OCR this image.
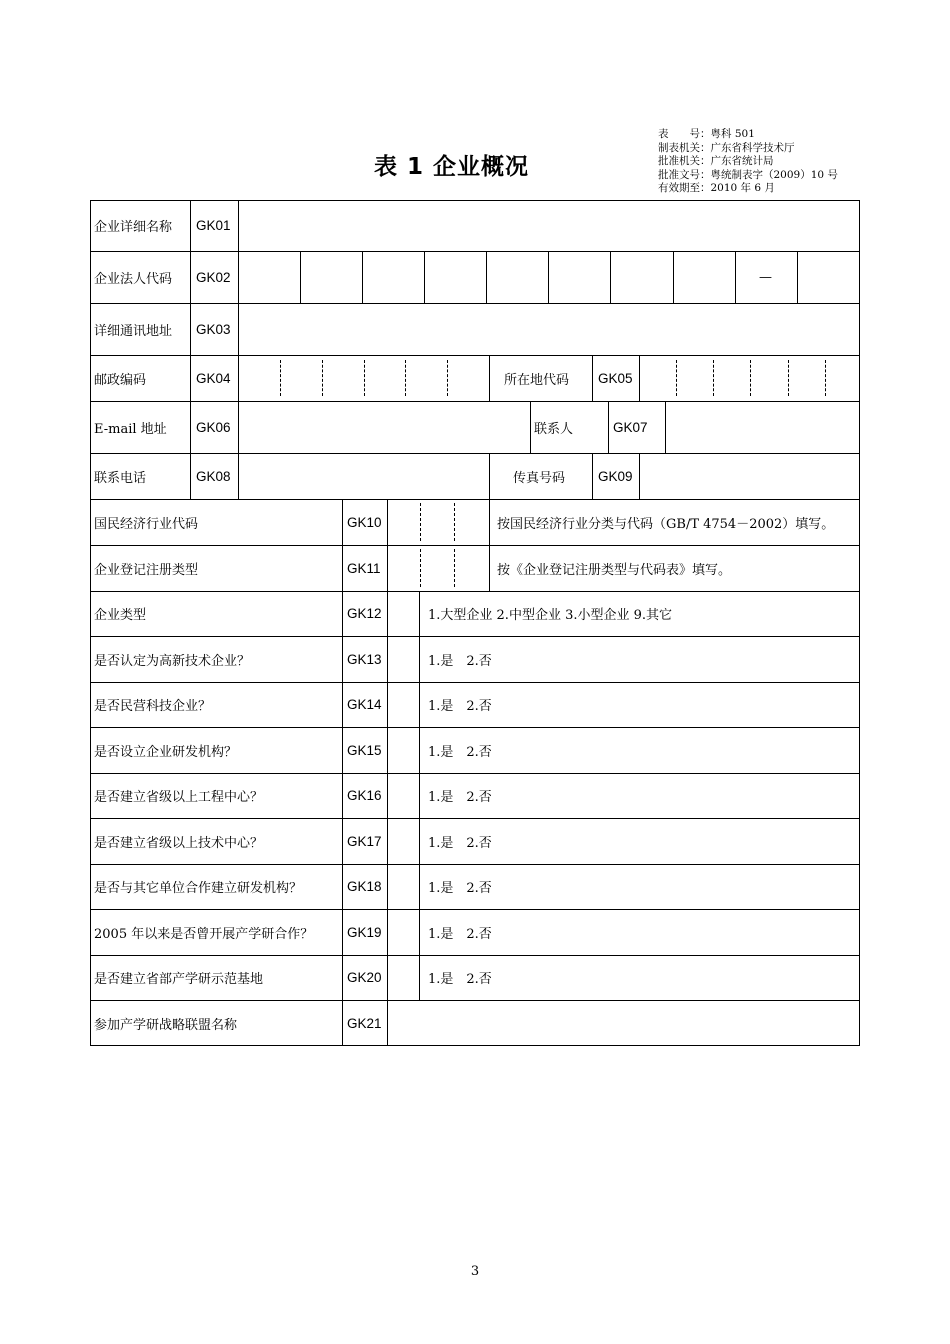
表 1 企业概况
表　　号：粤科 501
制表机关：广东省科学技术厅
批准机关：广东省统计局
批准文号：粤统制表字（2009）10 号
有效期至：2010 年 6 月
企业详细名称 GK01
企业法人代码 GK02	—
详细通讯地址 GK03
邮政编码	GK04	所在地代码 GK05
E-mail 地址 GK06	联系人	GK07
联系电话	GK08	传真号码 GK09
国民经济行业代码	GK10	按国民经济行业分类与代码（GB/T 4754－2002）填写。
企业登记注册类型	GK11	按《企业登记注册类型与代码表》填写。
企业类型	GK12	1.大型企业 2.中型企业 3.小型企业 9.其它
是否认定为高新技术企业？	GK13	1.是　2.否
是否民营科技企业？	GK14	1.是　2.否
是否设立企业研发机构？	GK15	1.是　2.否
是否建立省级以上工程中心？	GK16	1.是　2.否
是否建立省级以上技术中心？	GK17	1.是　2.否
是否与其它单位合作建立研发机构？	GK18	1.是　2.否
2005 年以来是否曾开展产学研合作？	GK19	1.是　2.否
是否建立省部产学研示范基地	GK20	1.是　2.否
参加产学研战略联盟名称	GK21
3
